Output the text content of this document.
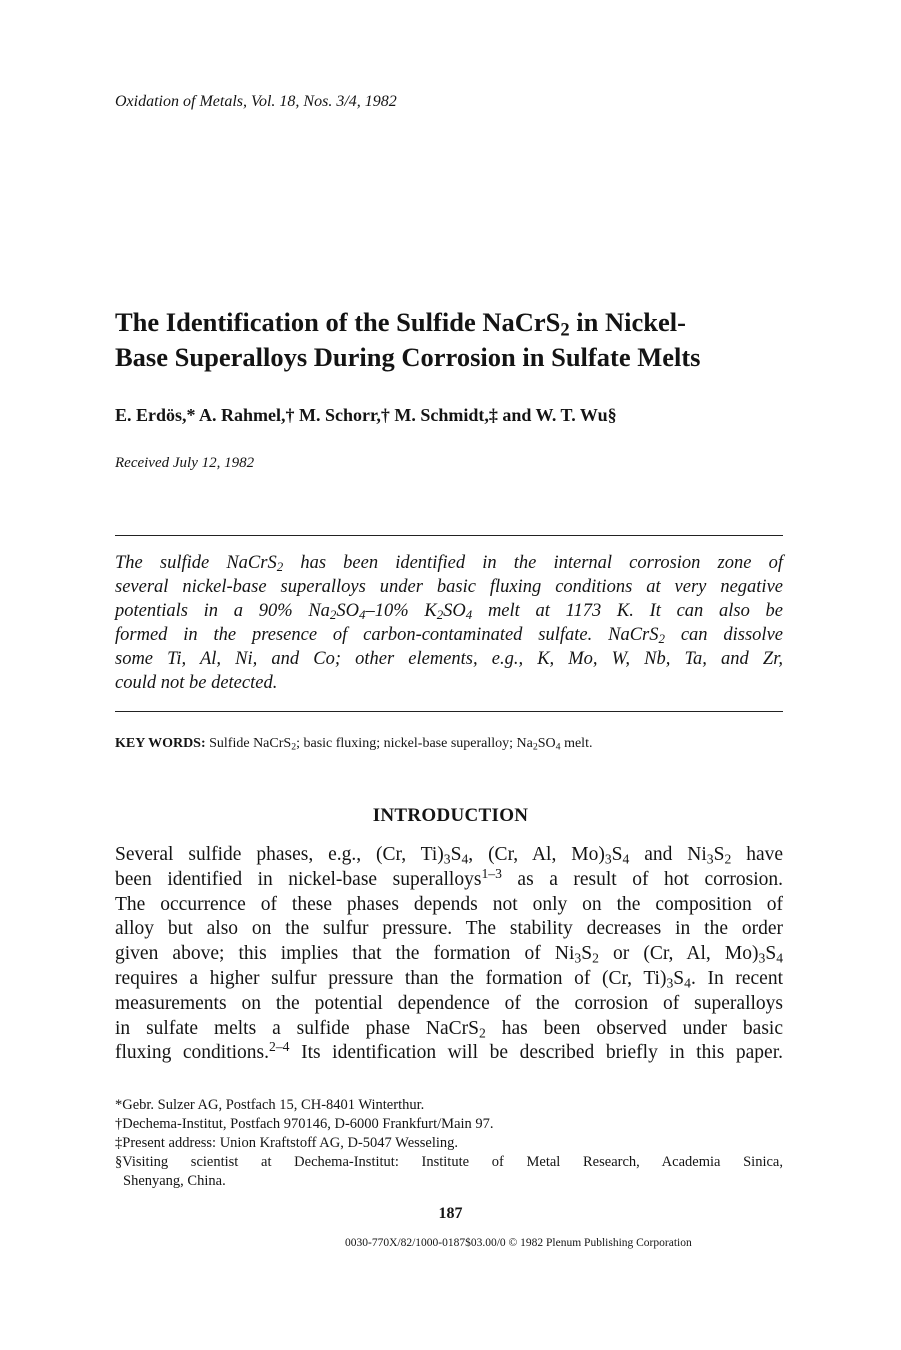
Oxidation of Metals, Vol. 18, Nos. 3/4, 1982
The Identification of the Sulfide NaCrS$_2$ in Nickel-
Base Superalloys During Corrosion in Sulfate Melts
E. Erdös,* A. Rahmel,† M. Schorr,† M. Schmidt,‡ and W. T. Wu§
Received July 12, 1982
The sulfide NaCrS$_2$ has been identified in the internal corrosion zone of
several nickel-base superalloys under basic fluxing conditions at very negative
potentials in a 90% $Na_2SO_4-10\%$ $K_2SO_4$ melt at 1173 K. It can also be
formed in the presence of carbon-contaminated sulfate. NaCrS$_2$ can dissolve
some Ti, Al, Ni, and Co; other elements, e.g., K, Mo, W, Nb, Ta, and Zr,
could not be detected.
KEY WORDS: Sulfide NaCrS$_2$; basic fluxing; nickel-base superalloy; $Na_2SO_4$ melt.
INTRODUCTION
Several sulfide phases, e.g., (Cr, $Ti)_3S_4$, (Cr, Al, $Mo)_3S_4$ and $Ni_3S_2$ have
been identified in nickel-base superalloys$^{1-3}$ as a result of hot corrosion.
The occurrence of these phases depends not only on the composition of
alloy but also on the sulfur pressure. The stability decreases in the order
given above; this implies that the formation of $Ni_3S_2$ or (Cr, Al, $Mo)_3S_4$
requires a higher sulfur pressure than the formation of (Cr, $Ti)_3S_4$. In recent
measurements on the potential dependence of the corrosion of superalloys
in sulfate melts a sulfide phase NaCrS$_2$ has been observed under basic
fluxing conditions.$^{2-4}$ Its identification will be described briefly in this paper.
*Gebr. Sulzer AG, Postfach 15, CH-8401 Winterthur.
†Dechema-Institut, Postfach 970146, D-6000 Frankfurt/Main 97.
‡Present address: Union Kraftstoff AG, D-5047 Wesseling.
§Visiting scientist at Dechema-Institut: Institute of Metal Research, Academia Sinica,
Shenyang, China.
187
0030-770X/82/1000-0187$03.00/0 © 1982 Plenum Publishing Corporation
